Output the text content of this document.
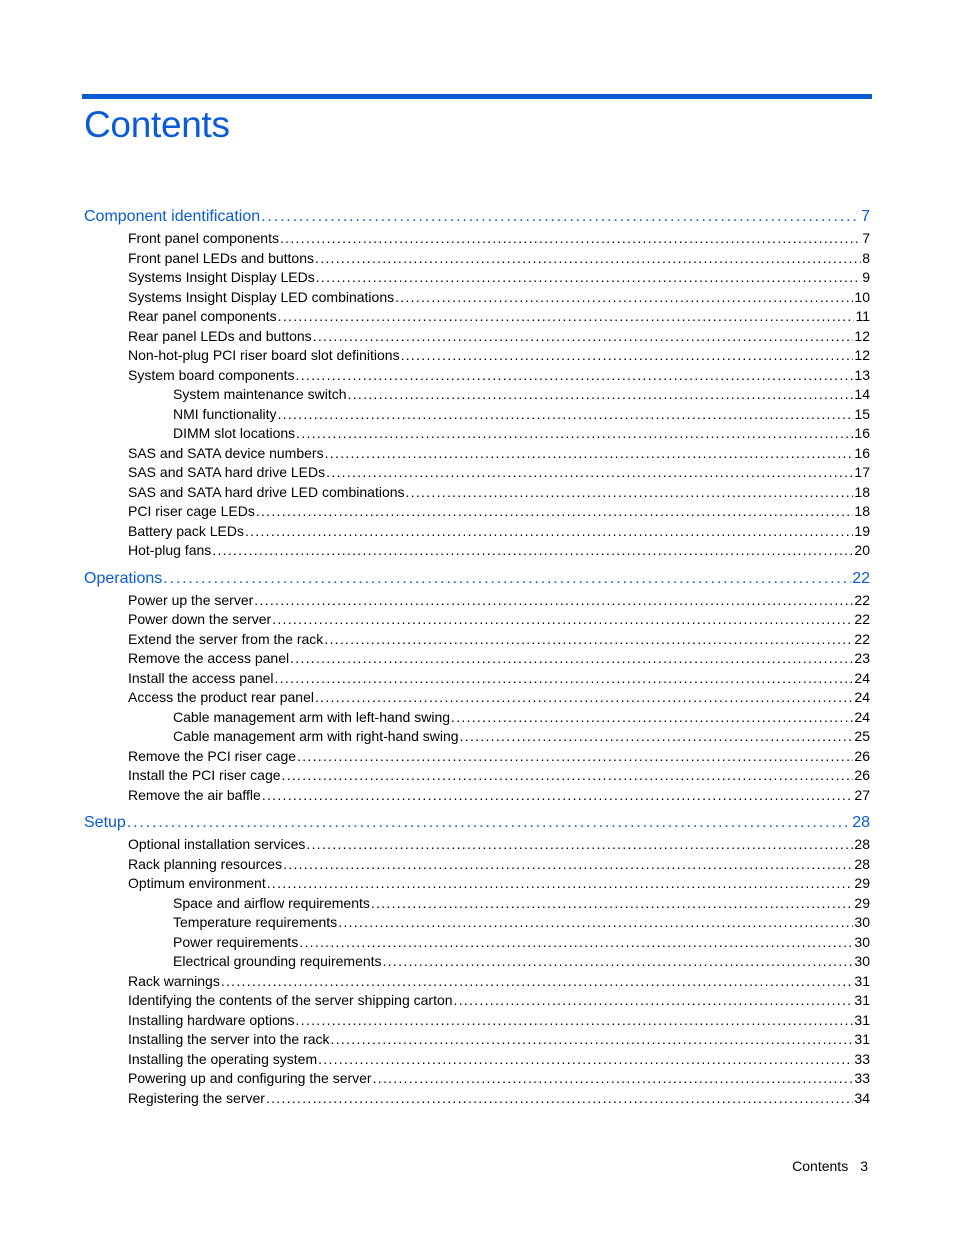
Contents
Component identification . . .	7
Front panel components . . .	7
Front panel LEDs and buttons . . .	8
Systems Insight Display LEDs . . .	9
Systems Insight Display LED combinations . . .	10
Rear panel components . . .	11
Rear panel LEDs and buttons . . .	12
Non-hot-plug PCI riser board slot definitions . . .	12
System board components . . .	13
System maintenance switch . . .	14
NMI functionality . . .	15
DIMM slot locations . . .	16
SAS and SATA device numbers . . .	16
SAS and SATA hard drive LEDs . . .	17
SAS and SATA hard drive LED combinations . . .	18
PCI riser cage LEDs . . .	18
Battery pack LEDs . . .	19
Hot-plug fans . . .	20
Operations . . .	22
Power up the server . . .	22
Power down the server . . .	22
Extend the server from the rack . . .	22
Remove the access panel . . .	23
Install the access panel . . .	24
Access the product rear panel . . .	24
Cable management arm with left-hand swing . . .	24
Cable management arm with right-hand swing . . .	25
Remove the PCI riser cage . . .	26
Install the PCI riser cage . . .	26
Remove the air baffle . . .	27
Setup . . .	28
Optional installation services . . .	28
Rack planning resources . . .	28
Optimum environment . . .	29
Space and airflow requirements . . .	29
Temperature requirements . . .	30
Power requirements . . .	30
Electrical grounding requirements . . .	30
Rack warnings . . .	31
Identifying the contents of the server shipping carton . . .	31
Installing hardware options . . .	31
Installing the server into the rack . . .	31
Installing the operating system . . .	33
Powering up and configuring the server . . .	33
Registering the server . . .	34
Contents 3
